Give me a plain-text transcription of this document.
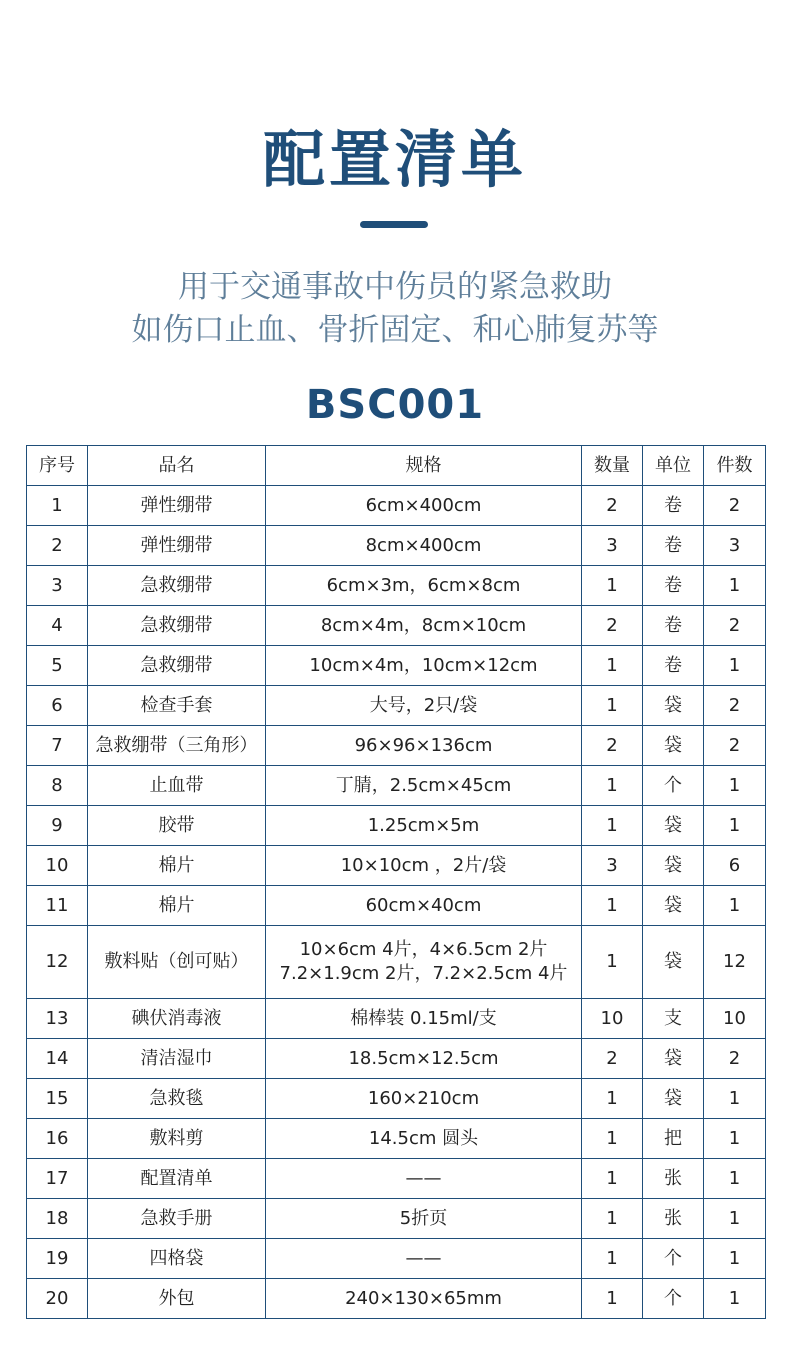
配置清单
用于交通事故中伤员的紧急救助
如伤口止血、骨折固定、和心肺复苏等
BSC001
序号	品名	规格	数量	单位	件数
1	弹性绷带	6cm×400cm	2	卷	2
2	弹性绷带	8cm×400cm	3	卷	3
3	急救绷带	6cm×3m，6cm×8cm	1	卷	1
4	急救绷带	8cm×4m，8cm×10cm	2	卷	2
5	急救绷带	10cm×4m，10cm×12cm	1	卷	1
6	检查手套	大号，2只/袋	1	袋	2
7	急救绷带（三角形）	96×96×136cm	2	袋	2
8	止血带	丁腈，2.5cm×45cm	1	个	1
9	胶带	1.25cm×5m	1	袋	1
10	棉片	10×10cm ，2片/袋	3	袋	6
11	棉片	60cm×40cm	1	袋	1
12	敷料贴（创可贴）	10×6cm 4片，4×6.5cm 2片
7.2×1.9cm 2片，7.2×2.5cm 4片	1	袋	12
13	碘伏消毒液	棉棒装 0.15ml/支	10	支	10
14	清洁湿巾	18.5cm×12.5cm	2	袋	2
15	急救毯	160×210cm	1	袋	1
16	敷料剪	14.5cm 圆头	1	把	1
17	配置清单	——	1	张	1
18	急救手册	5折页	1	张	1
19	四格袋	——	1	个	1
20	外包	240×130×65mm	1	个	1
